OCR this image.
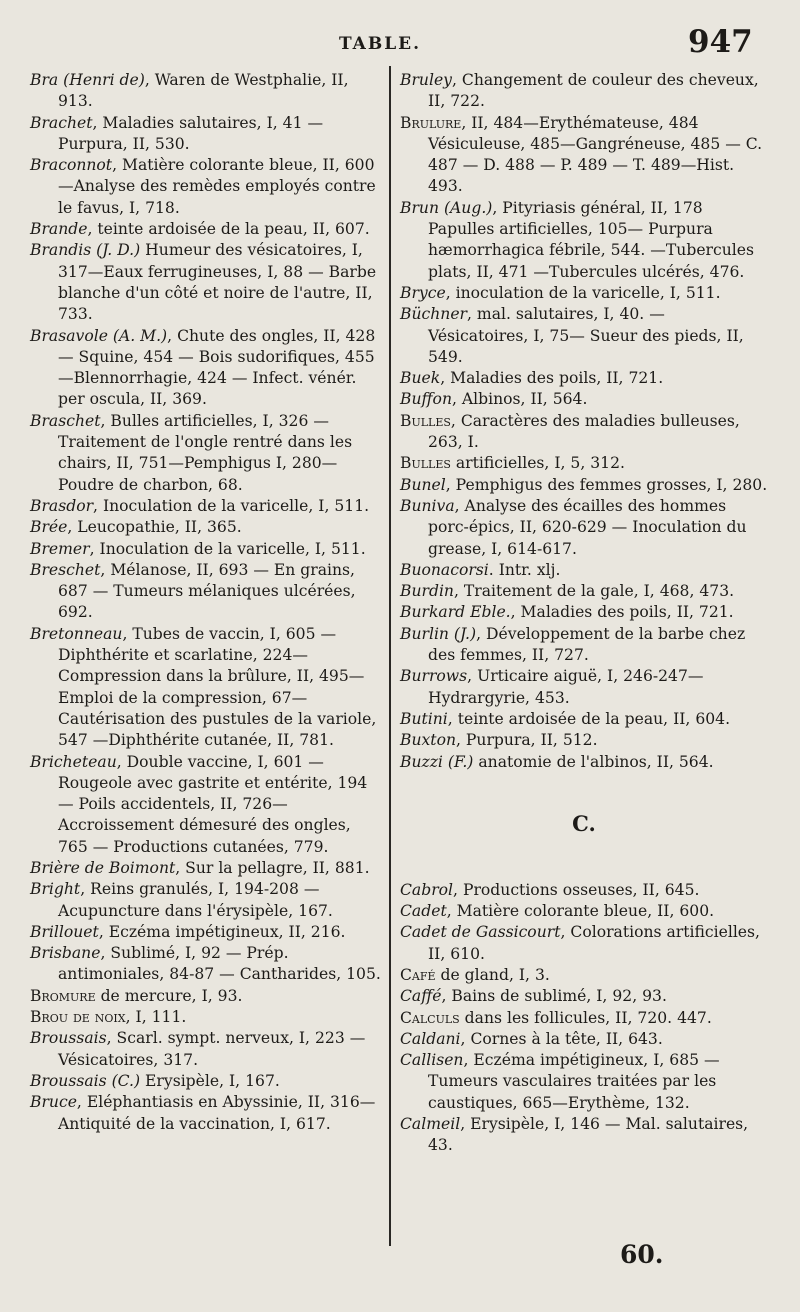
TABLE.	947

Bra (Henri de), Waren de Westphalie, II, 913.

Brachet, Maladies salutaires, I, 41 — Purpura, II, 530.

Braconnot, Matière colorante bleue, II, 600—Analyse des remèdes employés contre le favus, I, 718.

Brande, teinte ardoisée de la peau, II, 607.

Brandis (J. D.) Humeur des vésicatoires, I, 317—Eaux ferrugineuses, I, 88 — Barbe blanche d'un côté et noire de l'autre, II, 733.

Brasavole (A. M.), Chute des ongles, II, 428 — Squine, 454 — Bois sudorifiques, 455—Blennorrhagie, 424 — Infect. vénér. per oscula, II, 369.

Braschet, Bulles artificielles, I, 326 — Traitement de l'ongle rentré dans les chairs, II, 751—Pemphigus I, 280—Poudre de charbon, 68.

Brasdor, Inoculation de la varicelle, I, 511.

Brée, Leucopathie, II, 365.

Bremer, Inoculation de la varicelle, I, 511.

Breschet, Mélanose, II, 693 — En grains, 687 — Tumeurs mélaniques ulcérées, 692.

Bretonneau, Tubes de vaccin, I, 605 — Diphthérite et scarlatine, 224—Compression dans la brûlure, II, 495—Emploi de la compression, 67—Cautérisation des pustules de la variole, 547 —Diphthérite cutanée, II, 781.

Bricheteau, Double vaccine, I, 601 — Rougeole avec gastrite et entérite, 194 — Poils accidentels, II, 726—Accroissement démesuré des ongles, 765 — Productions cutanées, 779.

Brière de Boimont, Sur la pellagre, II, 881.

Bright, Reins granulés, I, 194-208 — Acupuncture dans l'érysipèle, 167.

Brillouet, Eczéma impétigineux, II, 216.

Brisbane, Sublimé, I, 92 — Prép. antimoniales, 84-87 — Cantharides, 105.

Bromure de mercure, I, 93.

Brou de noix, I, 111.

Broussais, Scarl. sympt. nerveux, I, 223 —Vésicatoires, 317.

Broussais (C.) Erysipèle, I, 167.

Bruce, Eléphantiasis en Abyssinie, II, 316—Antiquité de la vaccination, I, 617.

Bruley, Changement de couleur des cheveux, II, 722.

Brulure, II, 484—Erythémateuse, 484 Vésiculeuse, 485—Gangréneuse, 485 — C. 487 — D. 488 — P. 489 — T. 489—Hist. 493.

Brun (Aug.), Pityriasis général, II, 178 Papulles artificielles, 105— Purpura hæmorrhagica fébrile, 544. —Tubercules plats, II, 471 —Tubercules ulcérés, 476.

Bryce, inoculation de la varicelle, I, 511.

Büchner, mal. salutaires, I, 40. — Vésicatoires, I, 75— Sueur des pieds, II, 549.

Buek, Maladies des poils, II, 721.

Buffon, Albinos, II, 564.

Bulles, Caractères des maladies bulleuses, 263, I.

Bulles artificielles, I, 5, 312.

Bunel, Pemphigus des femmes grosses, I, 280.

Buniva, Analyse des écailles des hommes porc-épics, II, 620-629 — Inoculation du grease, I, 614-617.

Buonacorsi. Intr. xlj.

Burdin, Traitement de la gale, I, 468, 473.

Burkard Eble., Maladies des poils, II, 721.

Burlin (J.), Développement de la barbe chez des femmes, II, 727.

Burrows, Urticaire aiguë, I, 246-247— Hydrargyrie, 453.

Butini, teinte ardoisée de la peau, II, 604.

Buxton, Purpura, II, 512.

Buzzi (F.) anatomie de l'albinos, II, 564.

C.

Cabrol, Productions osseuses, II, 645.

Cadet, Matière colorante bleue, II, 600.

Cadet de Gassicourt, Colorations artificielles, II, 610.

Café de gland, I, 3.

Caffé, Bains de sublimé, I, 92, 93.

Calculs dans les follicules, II, 720. 447.

Caldani, Cornes à la tête, II, 643.

Callisen, Eczéma impétigineux, I, 685 —Tumeurs vasculaires traitées par les caustiques, 665—Erythème, 132.

Calmeil, Erysipèle, I, 146 — Mal. salutaires, 43.

60.
